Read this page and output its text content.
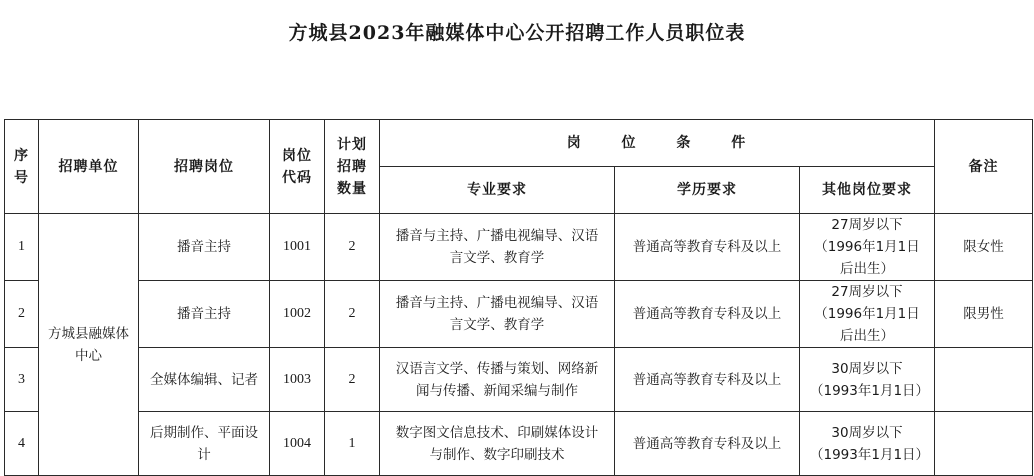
方城县2023年融媒体中心公开招聘工作人员职位表
序号	招聘单位	招聘岗位	岗位代码	计划招聘数量	岗 位 条 件			备注
					专业要求	学历要求	其他岗位要求	
1	方城县融媒体中心	播音主持	1001	2	播音与主持、广播电视编导、汉语言文学、教育学	普通高等教育专科及以上	27周岁以下（1996年1月1日后出生）	限女性
2		播音主持	1002	2	播音与主持、广播电视编导、汉语言文学、教育学	普通高等教育专科及以上	27周岁以下（1996年1月1日后出生）	限男性
3		全媒体编辑、记者	1003	2	汉语言文学、传播与策划、网络新闻与传播、新闻采编与制作	普通高等教育专科及以上	30周岁以下（1993年1月1日）	
4		后期制作、平面设计	1004	1	数字图文信息技术、印刷媒体设计与制作、数字印刷技术	普通高等教育专科及以上	30周岁以下（1993年1月1日）	
